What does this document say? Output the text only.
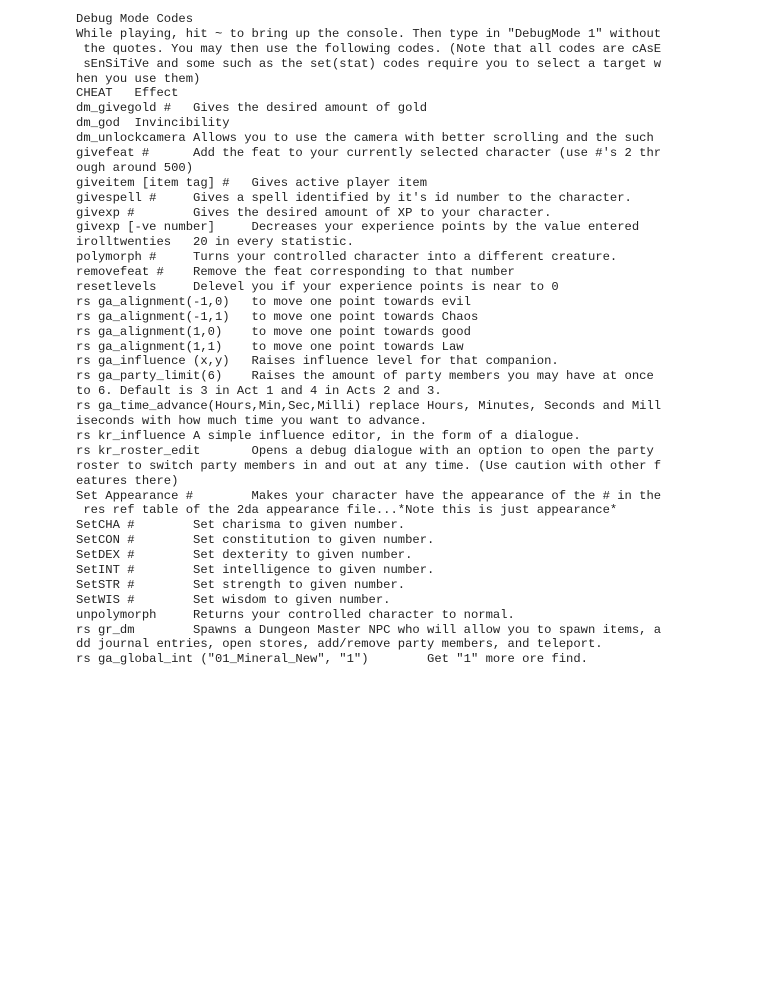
Debug Mode Codes
While playing, hit ~ to bring up the console. Then type in "DebugMode 1" without
the quotes. You may then use the following codes. (Note that all codes are cAsE
sEnSiTiVe and some such as the set(stat) codes require you to select a target w
hen you use them)
CHEAT   Effect
dm_givegold #   Gives the desired amount of gold
dm_god  Invincibility
dm_unlockcamera Allows you to use the camera with better scrolling and the such
givefeat #      Add the feat to your currently selected character (use #'s 2 thr
ough around 500)
giveitem [item tag] #   Gives active player item
givespell #     Gives a spell identified by it's id number to the character.
givexp #        Gives the desired amount of XP to your character.
givexp [-ve number]     Decreases your experience points by the value entered
irolltwenties   20 in every statistic.
polymorph #     Turns your controlled character into a different creature.
removefeat #    Remove the feat corresponding to that number
resetlevels     Delevel you if your experience points is near to 0
rs ga_alignment(-1,0)   to move one point towards evil
rs ga_alignment(-1,1)   to move one point towards Chaos
rs ga_alignment(1,0)    to move one point towards good
rs ga_alignment(1,1)    to move one point towards Law
rs ga_influence (x,y)   Raises influence level for that companion.
rs ga_party_limit(6)    Raises the amount of party members you may have at once
to 6. Default is 3 in Act 1 and 4 in Acts 2 and 3.
rs ga_time_advance(Hours,Min,Sec,Milli) replace Hours, Minutes, Seconds and Mill
iseconds with how much time you want to advance.
rs kr_influence A simple influence editor, in the form of a dialogue.
rs kr_roster_edit       Opens a debug dialogue with an option to open the party
roster to switch party members in and out at any time. (Use caution with other f
eatures there)
Set Appearance #        Makes your character have the appearance of the # in the
res ref table of the 2da appearance file...*Note this is just appearance*
SetCHA #        Set charisma to given number.
SetCON #        Set constitution to given number.
SetDEX #        Set dexterity to given number.
SetINT #        Set intelligence to given number.
SetSTR #        Set strength to given number.
SetWIS #        Set wisdom to given number.
unpolymorph     Returns your controlled character to normal.
rs gr_dm        Spawns a Dungeon Master NPC who will allow you to spawn items, a
dd journal entries, open stores, add/remove party members, and teleport.
rs ga_global_int ("01_Mineral_New", "1")        Get "1" more ore find.
